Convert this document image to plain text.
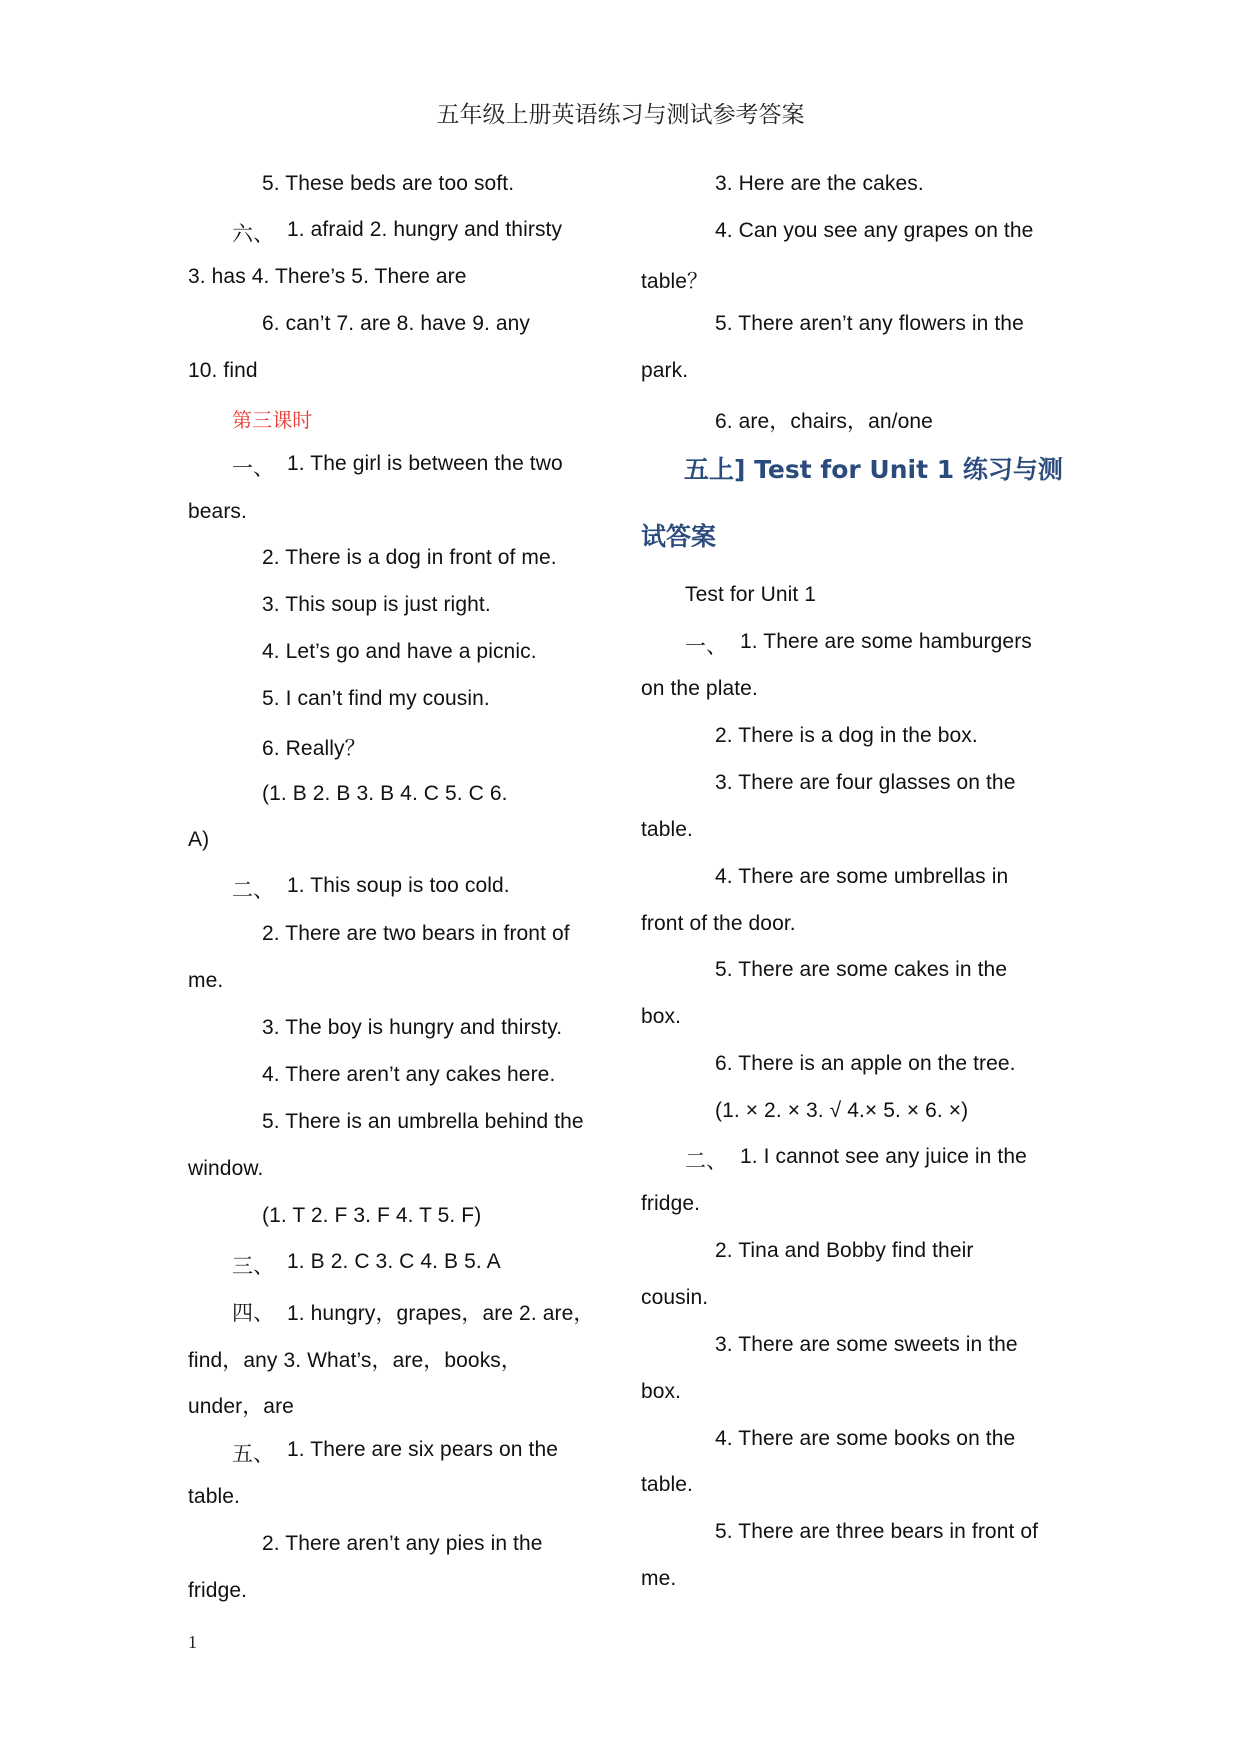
五年级上册英语练习与测试参考答案
5. These beds are too soft.
六、 1. afraid 2. hungry and thirsty
3. has 4. There’s 5. There are
6. can’t 7. are 8. have 9. any
10. find
第三课时
一、 1. The girl is between the two
bears.
2. There is a dog in front of me.
3. This soup is just right.
4. Let’s go and have a picnic.
5. I can’t find my cousin.
6. Really？
(1. B 2. B 3. B 4. C 5. C 6.
A)
二、 1. This soup is too cold.
2. There are two bears in front of
me.
3. The boy is hungry and thirsty.
4. There aren’t any cakes here.
5. There is an umbrella behind the
window.
(1. T 2. F 3. F 4. T 5. F)
三、 1. B 2. C 3. C 4. B 5. A
四、 1. hungry，grapes，are 2. are，
find，any 3. What’s，are，books，
under，are
五、 1. There are six pears on the
table.
2. There aren’t any pies in the
fridge.
3. Here are the cakes.
4. Can you see any grapes on the
table？
5. There aren’t any flowers in the
park.
6. are，chairs，an/one
五上] Test for Unit 1 练习与测
试答案
Test for Unit 1
一、 1. There are some hamburgers
on the plate.
2. There is a dog in the box.
3. There are four glasses on the
table.
4. There are some umbrellas in
front of the door.
5. There are some cakes in the
box.
6. There is an apple on the tree.
(1. × 2. × 3. √ 4.× 5. × 6. ×)
二、 1. I cannot see any juice in the
fridge.
2. Tina and Bobby find their
cousin.
3. There are some sweets in the
box.
4. There are some books on the
table.
5. There are three bears in front of
me.
1
